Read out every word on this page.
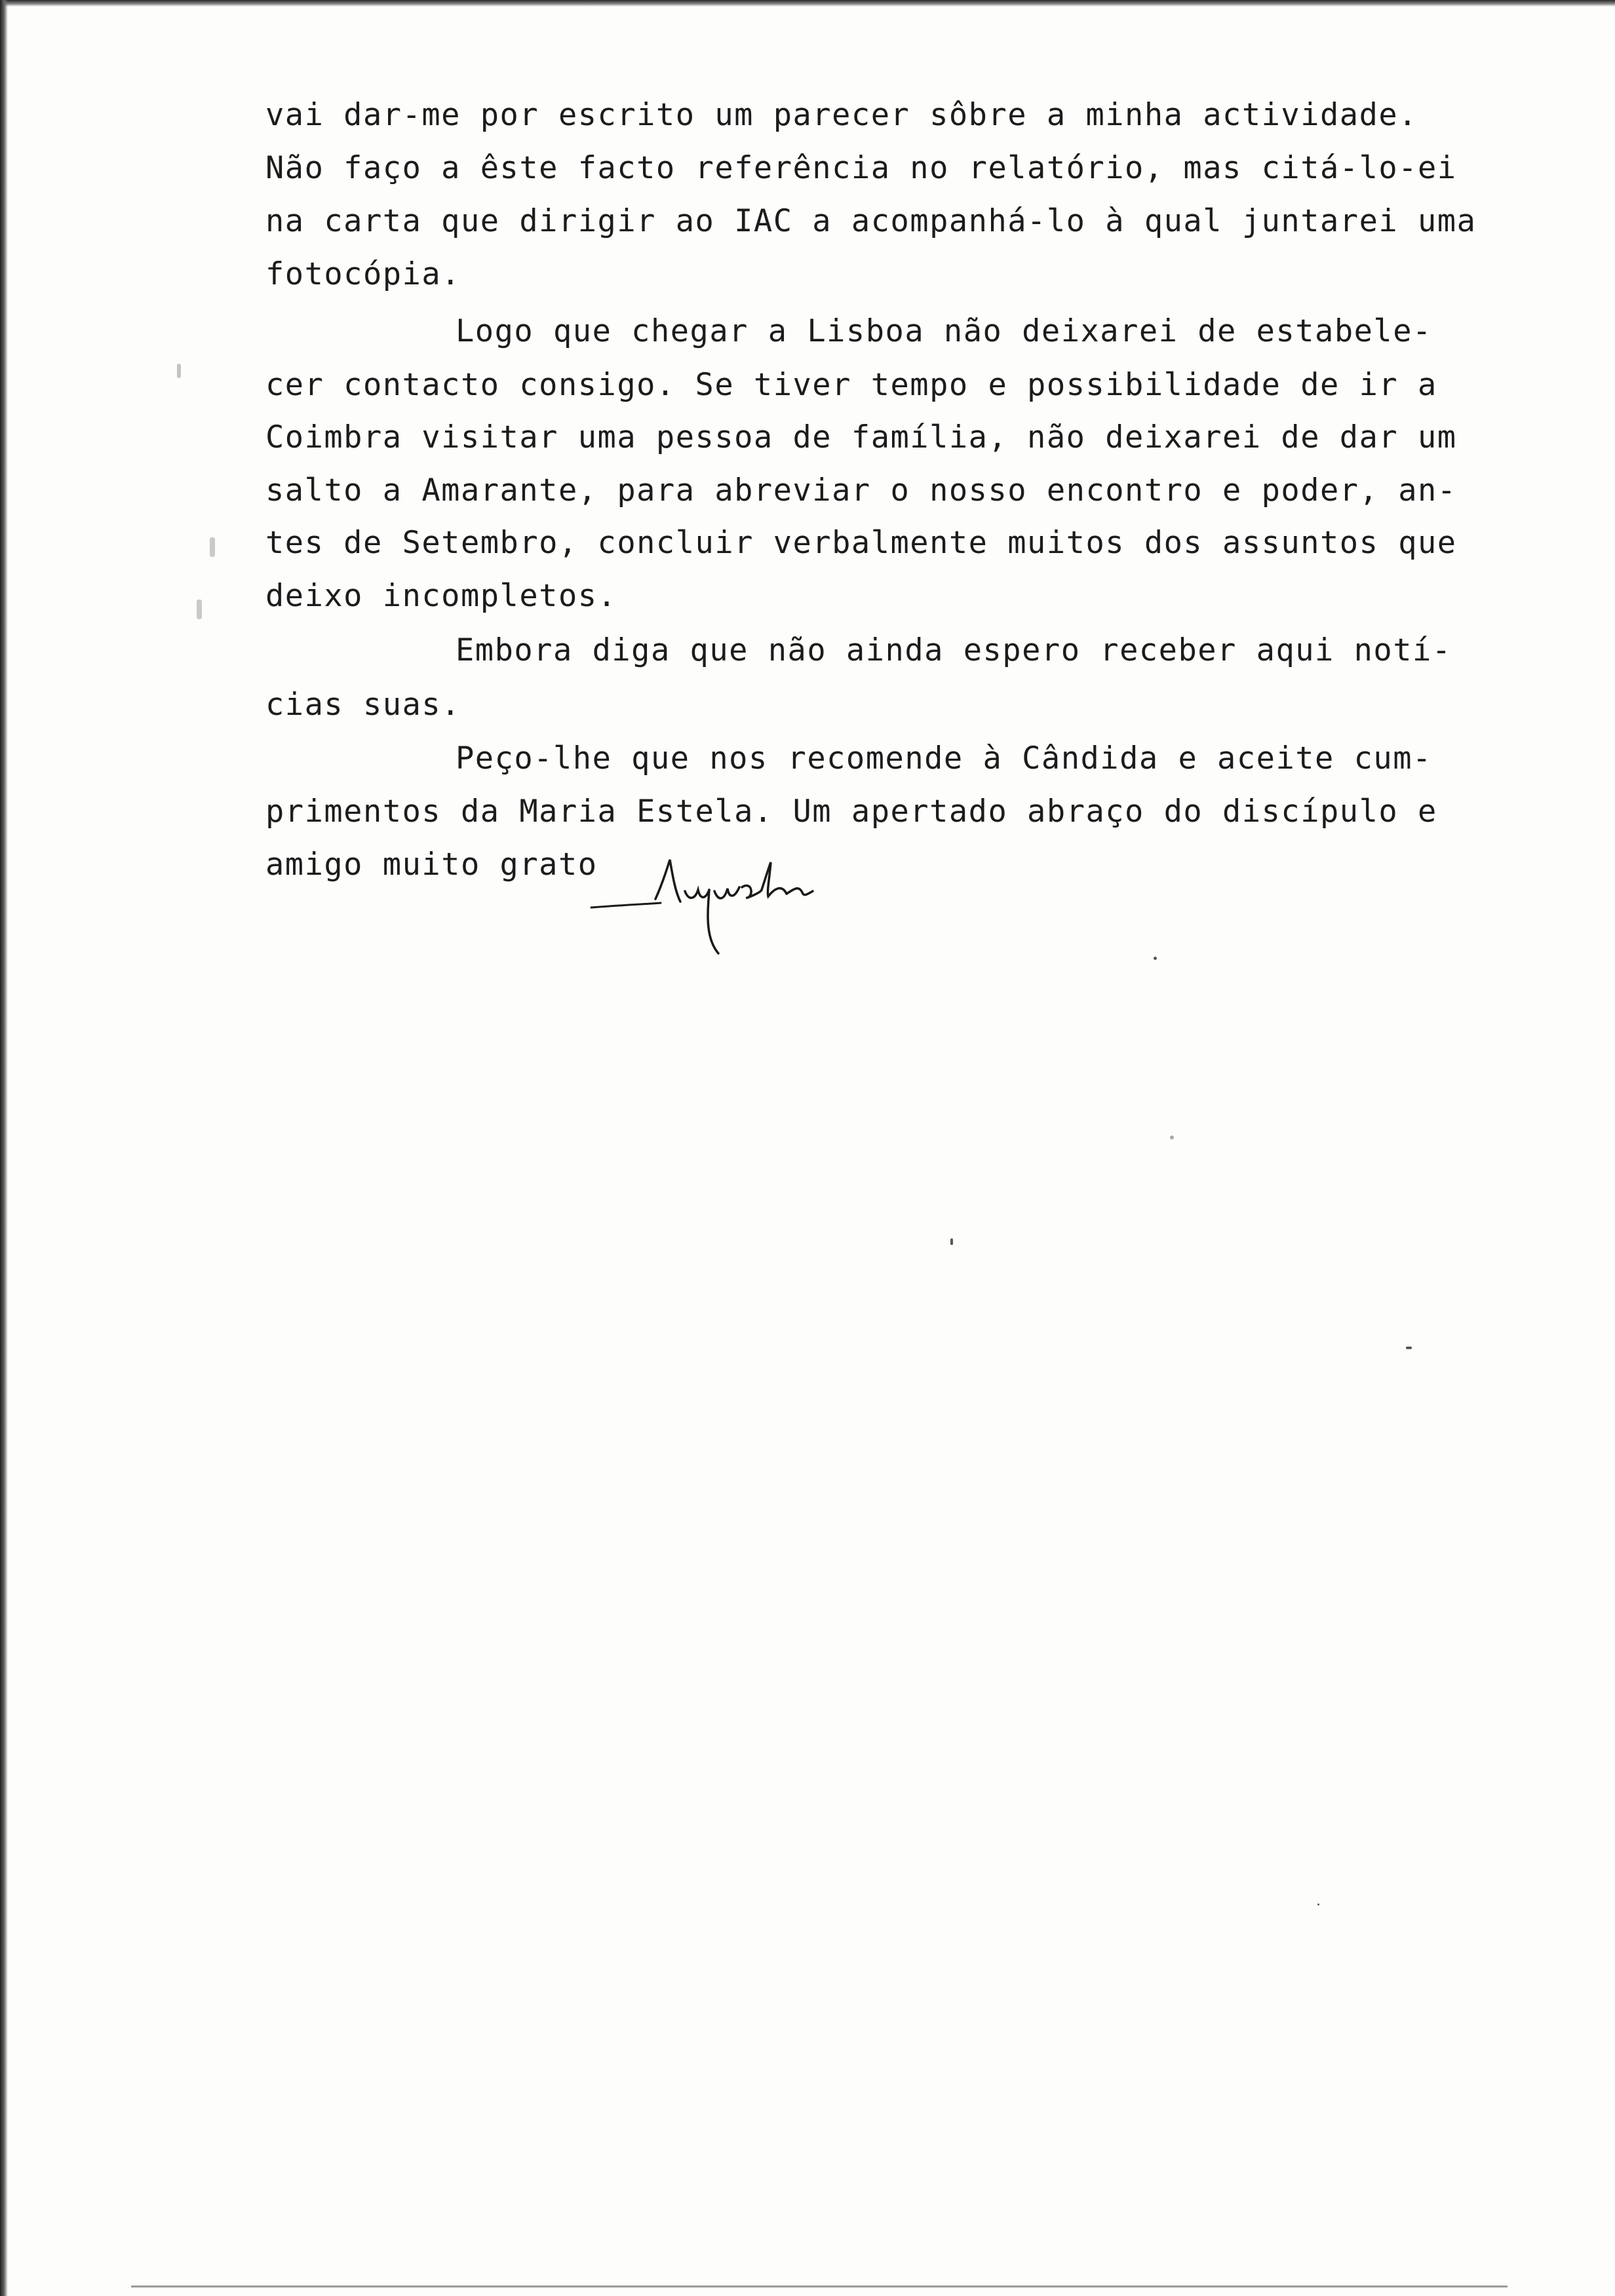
vai dar-me por escrito um parecer sôbre a minha actividade.
Não faço a êste facto referência no relatório, mas citá-lo-ei
na carta que dirigir ao IAC a acompanhá-lo à qual juntarei uma
fotocópia.
Logo que chegar a Lisboa não deixarei de estabele-
cer contacto consigo. Se tiver tempo e possibilidade de ir a
Coimbra visitar uma pessoa de família, não deixarei de dar um
salto a Amarante, para abreviar o nosso encontro e poder, an-
tes de Setembro, concluir verbalmente muitos dos assuntos que
deixo incompletos.
Embora diga que não ainda espero receber aqui notí-
cias suas.
Peço-lhe que nos recomende à Cândida e aceite cum-
primentos da Maria Estela. Um apertado abraço do discípulo e
amigo muito grato
